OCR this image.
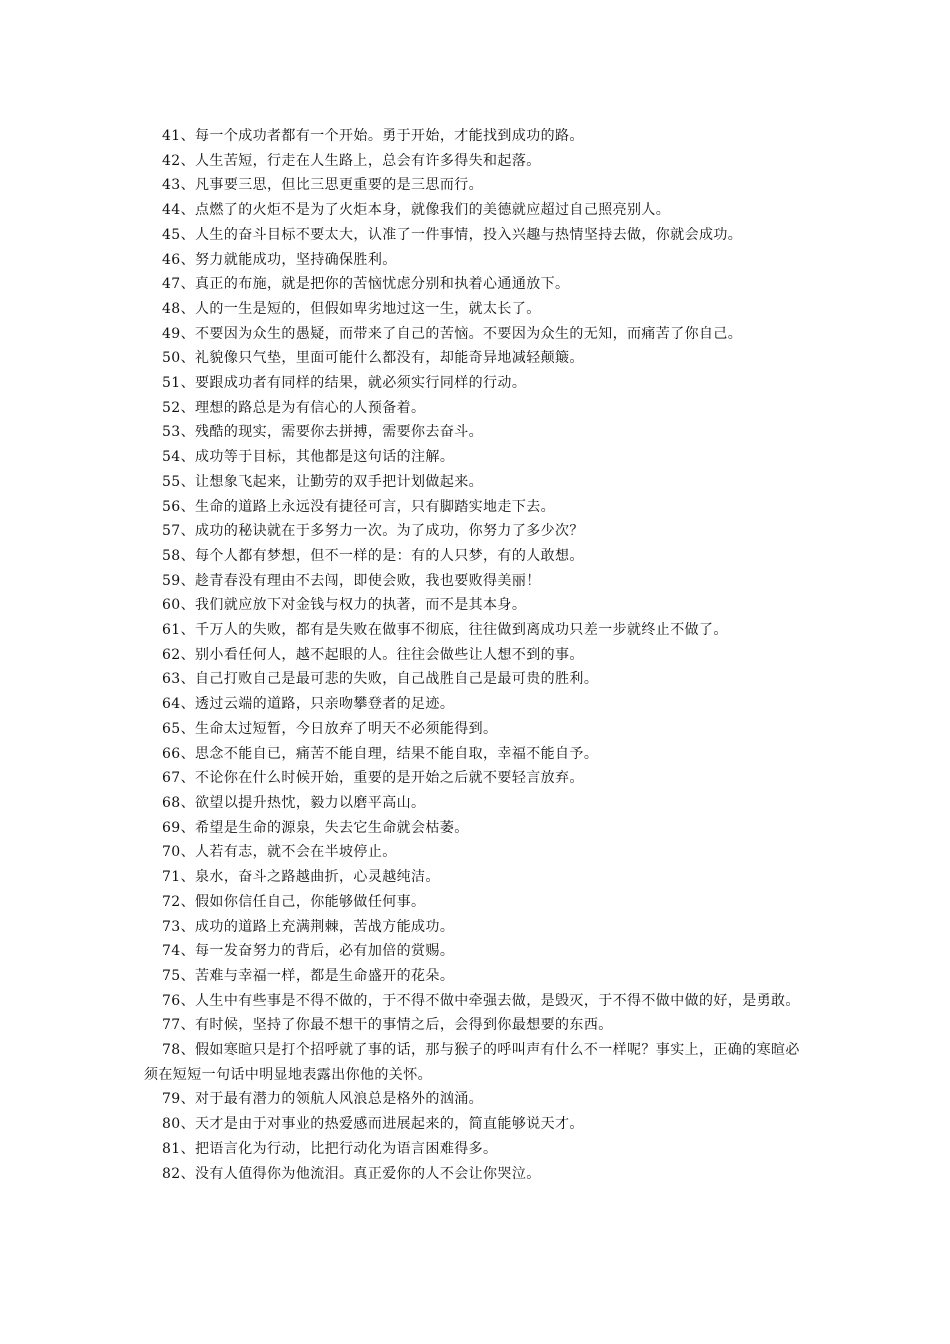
41、每一个成功者都有一个开始。勇于开始，才能找到成功的路。
42、人生苦短，行走在人生路上，总会有许多得失和起落。
43、凡事要三思，但比三思更重要的是三思而行。
44、点燃了的火炬不是为了火炬本身，就像我们的美德就应超过自己照亮别人。
45、人生的奋斗目标不要太大，认准了一件事情，投入兴趣与热情坚持去做，你就会成功。
46、努力就能成功，坚持确保胜利。
47、真正的布施，就是把你的苦恼忧虑分别和执着心通通放下。
48、人的一生是短的，但假如卑劣地过这一生，就太长了。
49、不要因为众生的愚疑，而带来了自己的苦恼。不要因为众生的无知，而痛苦了你自己。
50、礼貌像只气垫，里面可能什么都没有，却能奇异地减轻颠簸。
51、要跟成功者有同样的结果，就必须实行同样的行动。
52、理想的路总是为有信心的人预备着。
53、残酷的现实，需要你去拼搏，需要你去奋斗。
54、成功等于目标，其他都是这句话的注解。
55、让想象飞起来，让勤劳的双手把计划做起来。
56、生命的道路上永远没有捷径可言，只有脚踏实地走下去。
57、成功的秘诀就在于多努力一次。为了成功，你努力了多少次？
58、每个人都有梦想，但不一样的是：有的人只梦，有的人敢想。
59、趁青春没有理由不去闯，即使会败，我也要败得美丽！
60、我们就应放下对金钱与权力的执著，而不是其本身。
61、千万人的失败，都有是失败在做事不彻底，往往做到离成功只差一步就终止不做了。
62、别小看任何人，越不起眼的人。往往会做些让人想不到的事。
63、自己打败自己是最可悲的失败，自己战胜自己是最可贵的胜利。
64、透过云端的道路，只亲吻攀登者的足迹。
65、生命太过短暂，今日放弃了明天不必须能得到。
66、思念不能自已，痛苦不能自理，结果不能自取，幸福不能自予。
67、不论你在什么时候开始，重要的是开始之后就不要轻言放弃。
68、欲望以提升热忱，毅力以磨平高山。
69、希望是生命的源泉，失去它生命就会枯萎。
70、人若有志，就不会在半坡停止。
71、泉水，奋斗之路越曲折，心灵越纯洁。
72、假如你信任自己，你能够做任何事。
73、成功的道路上充满荆棘，苦战方能成功。
74、每一发奋努力的背后，必有加倍的赏赐。
75、苦难与幸福一样，都是生命盛开的花朵。
76、人生中有些事是不得不做的，于不得不做中牵强去做，是毁灭，于不得不做中做的好，是勇敢。
77、有时候，坚持了你最不想干的事情之后，会得到你最想要的东西。
78、假如寒暄只是打个招呼就了事的话，那与猴子的呼叫声有什么不一样呢？事实上，正确的寒暄必须在短短一句话中明显地表露出你他的关怀。
79、对于最有潜力的领航人风浪总是格外的汹涌。
80、天才是由于对事业的热爱感而进展起来的，简直能够说天才。
81、把语言化为行动，比把行动化为语言困难得多。
82、没有人值得你为他流泪。真正爱你的人不会让你哭泣。
